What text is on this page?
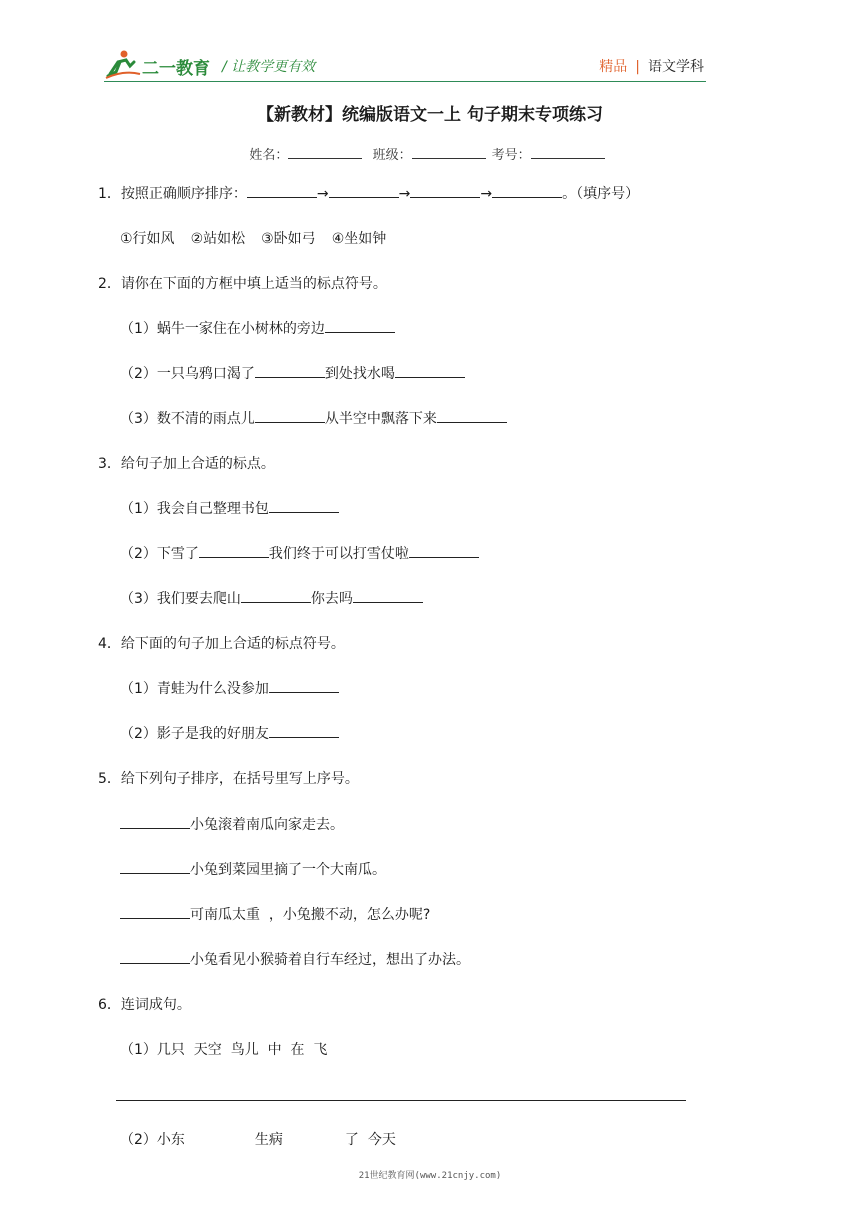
二一教育 / 让教学更有效	精品 | 语文学科
【新教材】统编版语文一上 句子期末专项练习
姓名：	班级：	考号：
1．按照正确顺序排序：	→	→	→	。（填序号）
①行如风 ②站如松 ③卧如弓 ④坐如钟
2．请你在下面的方框中填上适当的标点符号。
（1）蜗牛一家住在小树林的旁边
（2）一只乌鸦口渴了	到处找水喝
（3）数不清的雨点儿	从半空中飘落下来
3．给句子加上合适的标点。
（1）我会自己整理书包
（2）下雪了	我们终于可以打雪仗啦
（3）我们要去爬山	你去吗
4．给下面的句子加上合适的标点符号。
（1）青蛙为什么没参加
（2）影子是我的好朋友
5．给下列句子排序，在括号里写上序号。
小兔滚着南瓜向家走去。
小兔到菜园里摘了一个大南瓜。
可南瓜太重  ，小兔搬不动，怎么办呢?
小兔看见小猴骑着自行车经过，想出了办法。
6．连词成句。
（1）几只  天空  鸟儿  中  在  飞
（2）小东	生病	了  今天
21世纪教育网(www.21cnjy.com)
